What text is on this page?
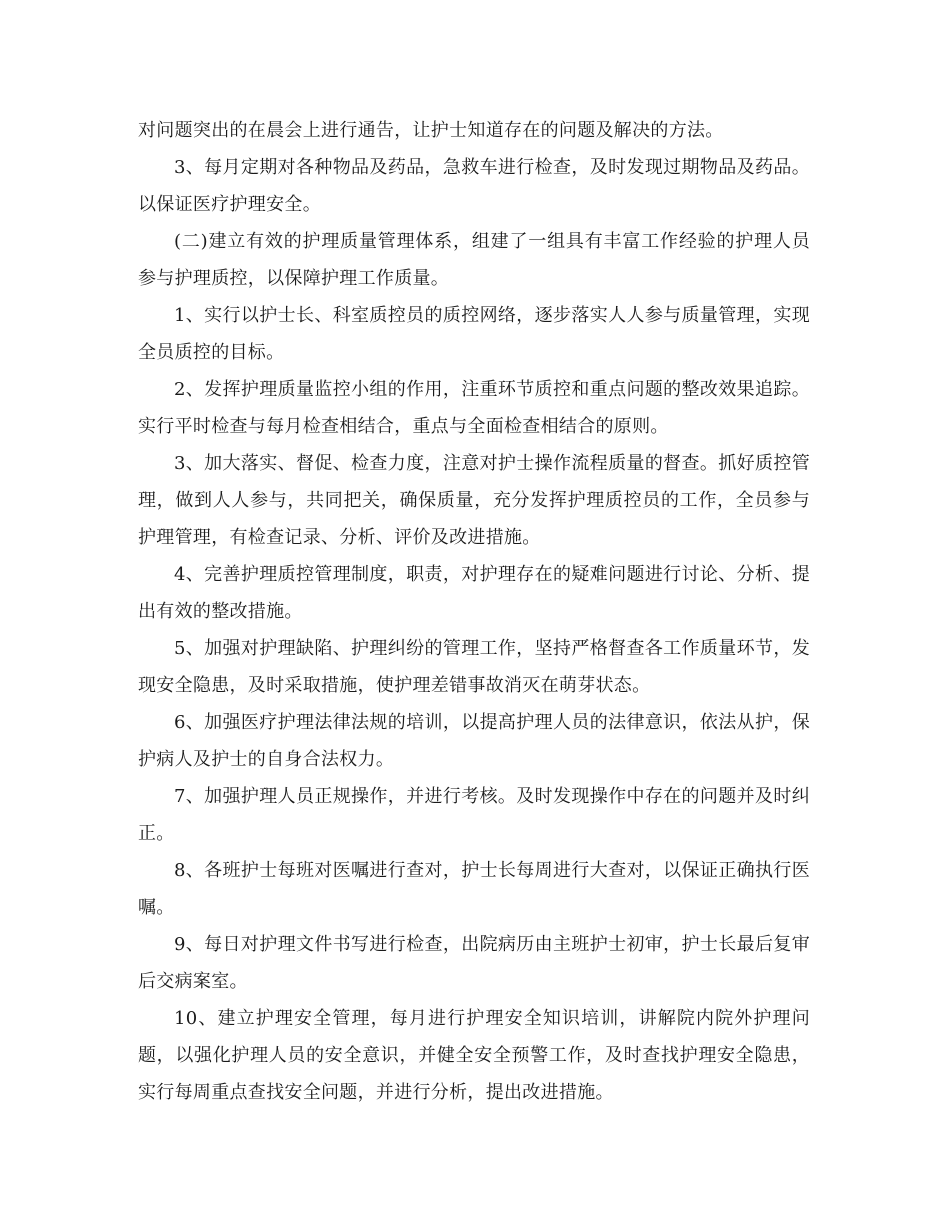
对问题突出的在晨会上进行通告，让护士知道存在的问题及解决的方法。

3、每月定期对各种物品及药品，急救车进行检查，及时发现过期物品及药品。以保证医疗护理安全。

(二)建立有效的护理质量管理体系，组建了一组具有丰富工作经验的护理人员参与护理质控，以保障护理工作质量。

1、实行以护士长、科室质控员的质控网络，逐步落实人人参与质量管理，实现全员质控的目标。

2、发挥护理质量监控小组的作用，注重环节质控和重点问题的整改效果追踪。实行平时检查与每月检查相结合，重点与全面检查相结合的原则。

3、加大落实、督促、检查力度，注意对护士操作流程质量的督查。抓好质控管理，做到人人参与，共同把关，确保质量，充分发挥护理质控员的工作，全员参与护理管理，有检查记录、分析、评价及改进措施。

4、完善护理质控管理制度，职责，对护理存在的疑难问题进行讨论、分析、提出有效的整改措施。

5、加强对护理缺陷、护理纠纷的管理工作，坚持严格督查各工作质量环节，发现安全隐患，及时采取措施，使护理差错事故消灭在萌芽状态。

6、加强医疗护理法律法规的培训，以提高护理人员的法律意识，依法从护，保护病人及护士的自身合法权力。

7、加强护理人员正规操作，并进行考核。及时发现操作中存在的问题并及时纠正。

8、各班护士每班对医嘱进行查对，护士长每周进行大查对，以保证正确执行医嘱。

9、每日对护理文件书写进行检查，出院病历由主班护士初审，护士长最后复审后交病案室。

10、建立护理安全管理，每月进行护理安全知识培训，讲解院内院外护理问题，以强化护理人员的安全意识，并健全安全预警工作，及时查找护理安全隐患，实行每周重点查找安全问题，并进行分析，提出改进措施。
